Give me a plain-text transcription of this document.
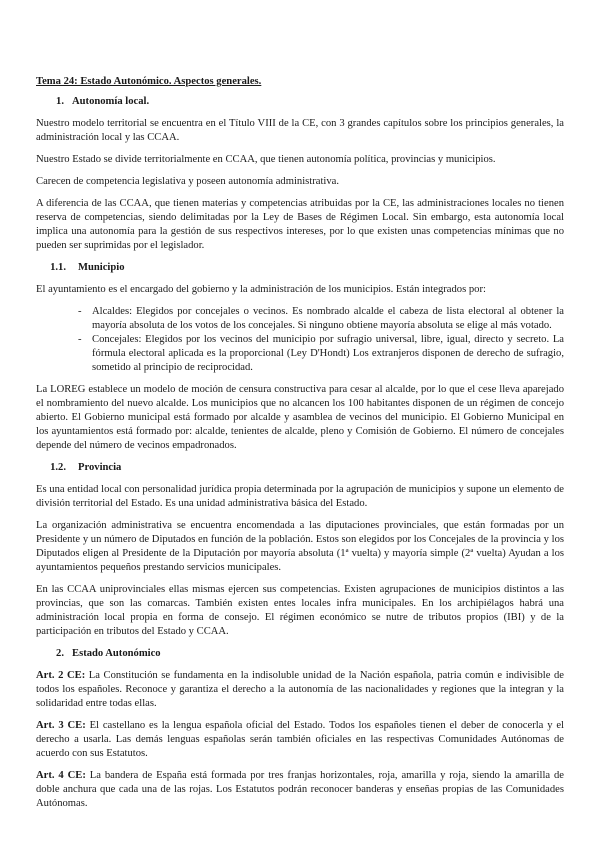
Tema 24: Estado Autonómico. Aspectos generales.
1. Autonomía local.

Nuestro modelo territorial se encuentra en el Título VIII de la CE, con 3 grandes capítulos sobre los principios generales, la administración local y las CCAA.

Nuestro Estado se divide territorialmente en CCAA, que tienen autonomía política, provincias y municipios.

Carecen de competencia legislativa y poseen autonomía administrativa.

A diferencia de las CCAA, que tienen materias y competencias atribuidas por la CE, las administraciones locales no tienen reserva de competencias, siendo delimitadas por la Ley de Bases de Régimen Local. Sin embargo, esta autonomía local implica una autonomía para la gestión de sus respectivos intereses, por lo que existen unas competencias mínimas que no pueden ser suprimidas por el legislador.

1.1. Municipio

El ayuntamiento es el encargado del gobierno y la administración de los municipios. Están integrados por:

- Alcaldes: Elegidos por concejales o vecinos. Es nombrado alcalde el cabeza de lista electoral al obtener la mayoría absoluta de los votos de los concejales. Si ninguno obtiene mayoría absoluta se elige al más votado.
- Concejales: Elegidos por los vecinos del municipio por sufragio universal, libre, igual, directo y secreto. La fórmula electoral aplicada es la proporcional (Ley D'Hondt) Los extranjeros disponen de derecho de sufragio, sometido al principio de reciprocidad.

La LOREG establece un modelo de moción de censura constructiva para cesar al alcalde, por lo que el cese lleva aparejado el nombramiento del nuevo alcalde. Los municipios que no alcancen los 100 habitantes disponen de un régimen de concejo abierto. El Gobierno municipal está formado por alcalde y asamblea de vecinos del municipio. El Gobierno Municipal en los ayuntamientos está formado por: alcalde, tenientes de alcalde, pleno y Comisión de Gobierno. El número de concejales depende del número de vecinos empadronados.

1.2. Provincia

Es una entidad local con personalidad jurídica propia determinada por la agrupación de municipios y supone un elemento de división territorial del Estado. Es una unidad administrativa básica del Estado.

La organización administrativa se encuentra encomendada a las diputaciones provinciales, que están formadas por un Presidente y un número de Diputados en función de la población. Estos son elegidos por los Concejales de la provincia y los Diputados eligen al Presidente de la Diputación por mayoría absoluta (1ª vuelta) y mayoría simple (2ª vuelta) Ayudan a los ayuntamientos pequeños prestando servicios municipales.

En las CCAA uniprovinciales ellas mismas ejercen sus competencias. Existen agrupaciones de municipios distintos a las provincias, que son las comarcas. También existen entes locales infra municipales. En los archipiélagos habrá una administración local propia en forma de consejo. El régimen económico se nutre de tributos propios (IBI) y de la participación en tributos del Estado y CCAA.

2. Estado Autonómico

Art. 2 CE: La Constitución se fundamenta en la indisoluble unidad de la Nación española, patria común e indivisible de todos los españoles. Reconoce y garantiza el derecho a la autonomía de las nacionalidades y regiones que la integran y la solidaridad entre todas ellas.

Art. 3 CE: El castellano es la lengua española oficial del Estado. Todos los españoles tienen el deber de conocerla y el derecho a usarla. Las demás lenguas españolas serán también oficiales en las respectivas Comunidades Autónomas de acuerdo con sus Estatutos.

Art. 4 CE: La bandera de España está formada por tres franjas horizontales, roja, amarilla y roja, siendo la amarilla de doble anchura que cada una de las rojas. Los Estatutos podrán reconocer banderas y enseñas propias de las Comunidades Autónomas.
